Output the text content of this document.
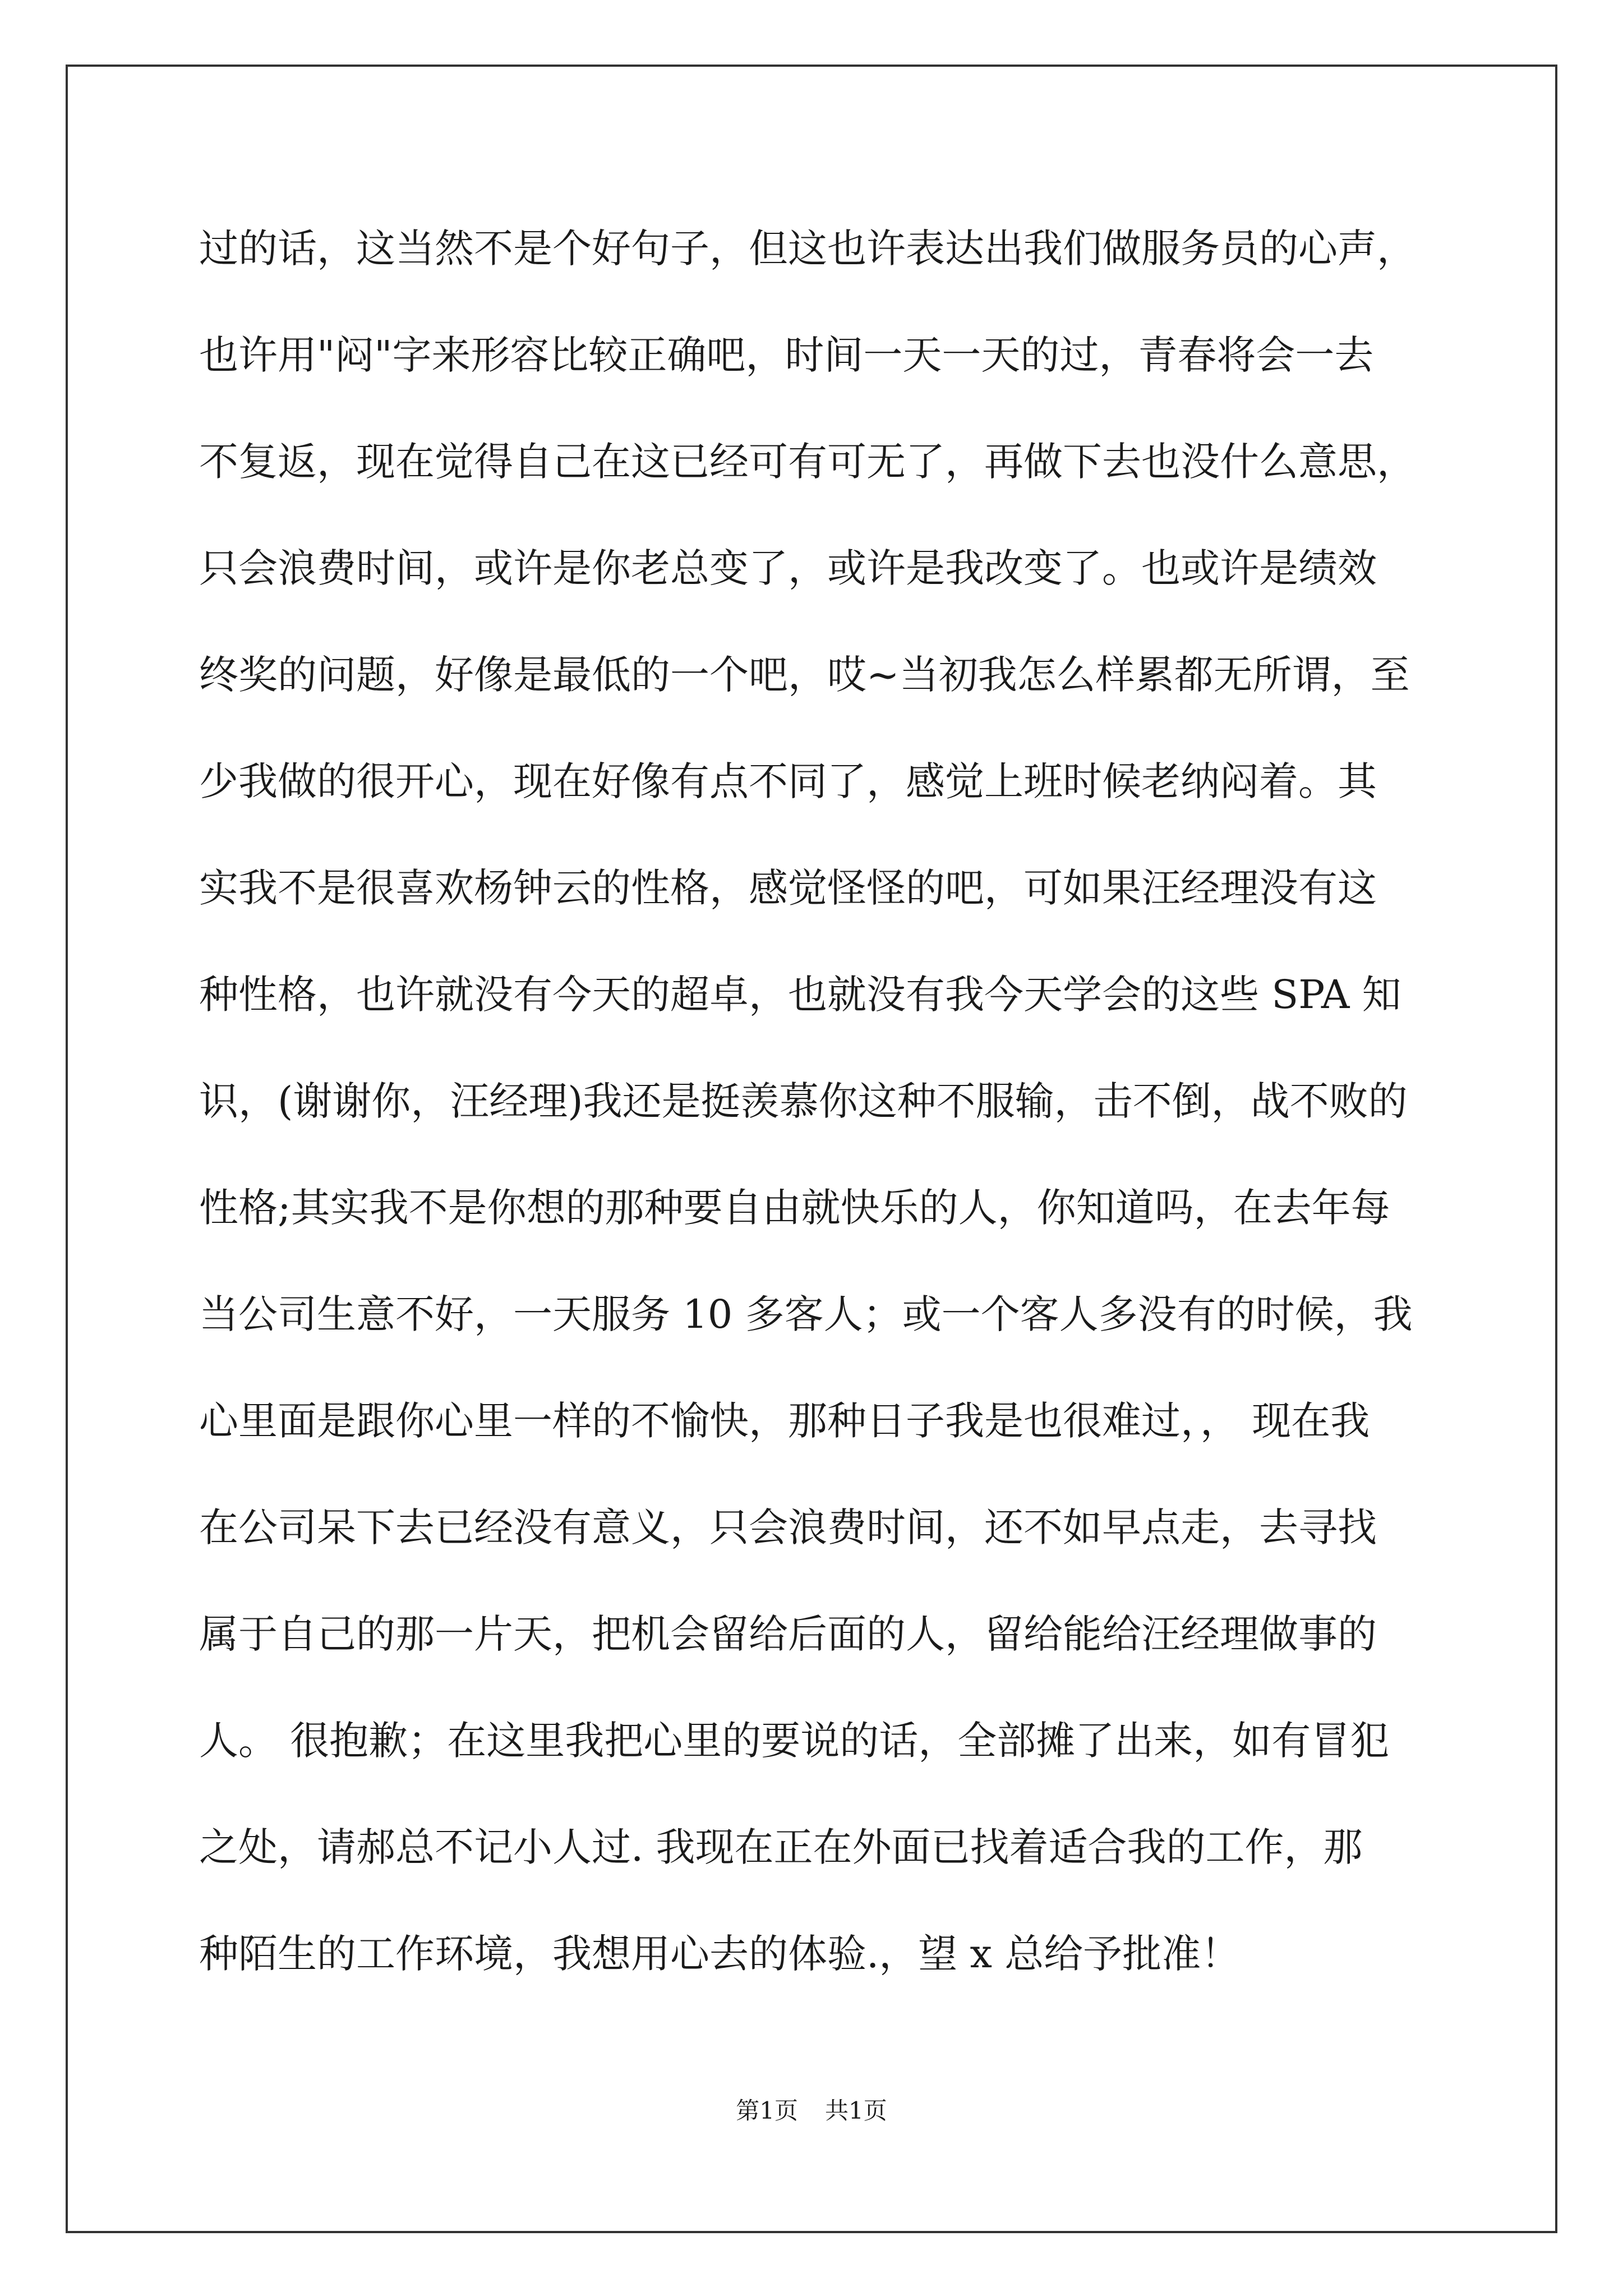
过的话，这当然不是个好句子，但这也许表达出我们做服务员的心声，
也许用"闷"字来形容比较正确吧，时间一天一天的过，青春将会一去
不复返，现在觉得自己在这已经可有可无了，再做下去也没什么意思，
只会浪费时间，或许是你老总变了，或许是我改变了。也或许是绩效
终奖的问题，好像是最低的一个吧，哎~当初我怎么样累都无所谓，至
少我做的很开心，现在好像有点不同了，感觉上班时候老纳闷着。其
实我不是很喜欢杨钟云的性格，感觉怪怪的吧，可如果汪经理没有这
种性格，也许就没有今天的超卓，也就没有我今天学会的这些 SPA 知
识，(谢谢你，汪经理)我还是挺羡慕你这种不服输，击不倒，战不败的
性格;其实我不是你想的那种要自由就快乐的人，你知道吗，在去年每
当公司生意不好，一天服务 10 多客人；或一个客人多没有的时候，我
心里面是跟你心里一样的不愉快，那种日子我是也很难过，， 现在我
在公司呆下去已经没有意义，只会浪费时间，还不如早点走，去寻找
属于自己的那一片天，把机会留给后面的人，留给能给汪经理做事的
人。 很抱歉；在这里我把心里的要说的话，全部摊了出来，如有冒犯
之处，请郝总不记小人过. 我现在正在外面已找着适合我的工作，那
种陌生的工作环境，我想用心去的体验.，望 x 总给予批准！
第1页 共1页
